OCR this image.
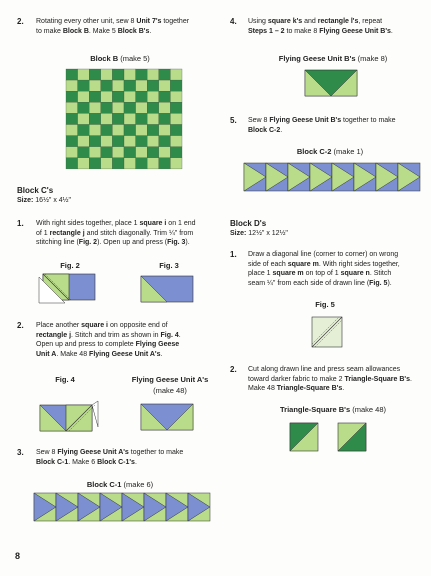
2. Rotating every other unit, sew 8 Unit 7's together
to make Block B. Make 5 Block B's.
Block B (make 5)
Block C's
Size: 16½" x 4½"
1. With right sides together, place 1 square i on 1 end
of 1 rectangle j and stitch diagonally. Trim ¼" from
stitching line (Fig. 2). Open up and press (Fig. 3).
Fig. 2	Fig. 3
2. Place another square i on opposite end of
rectangle j. Stitch and trim as shown in Fig. 4.
Open up and press to complete Flying Geese
Unit A. Make 48 Flying Geese Unit A's.
Fig. 4	Flying Geese Unit A's
(make 48)
3. Sew 8 Flying Geese Unit A's together to make
Block C-1. Make 6 Block C-1's.
Block C-1 (make 6)
8
4. Using square k's and rectangle l's, repeat
Steps 1 – 2 to make 8 Flying Geese Unit B's.
Flying Geese Unit B's (make 8)
5. Sew 8 Flying Geese Unit B's together to make
Block C-2.
Block C-2 (make 1)
Block D's
Size: 12½" x 12½"
1. Draw a diagonal line (corner to corner) on wrong
side of each square m. With right sides together,
place 1 square m on top of 1 square n. Stitch
seam ¼" from each side of drawn line (Fig. 5).
Fig. 5
2. Cut along drawn line and press seam allowances
toward darker fabric to make 2 Triangle-Square B's.
Make 48 Triangle-Square B's.
Triangle-Square B's (make 48)
